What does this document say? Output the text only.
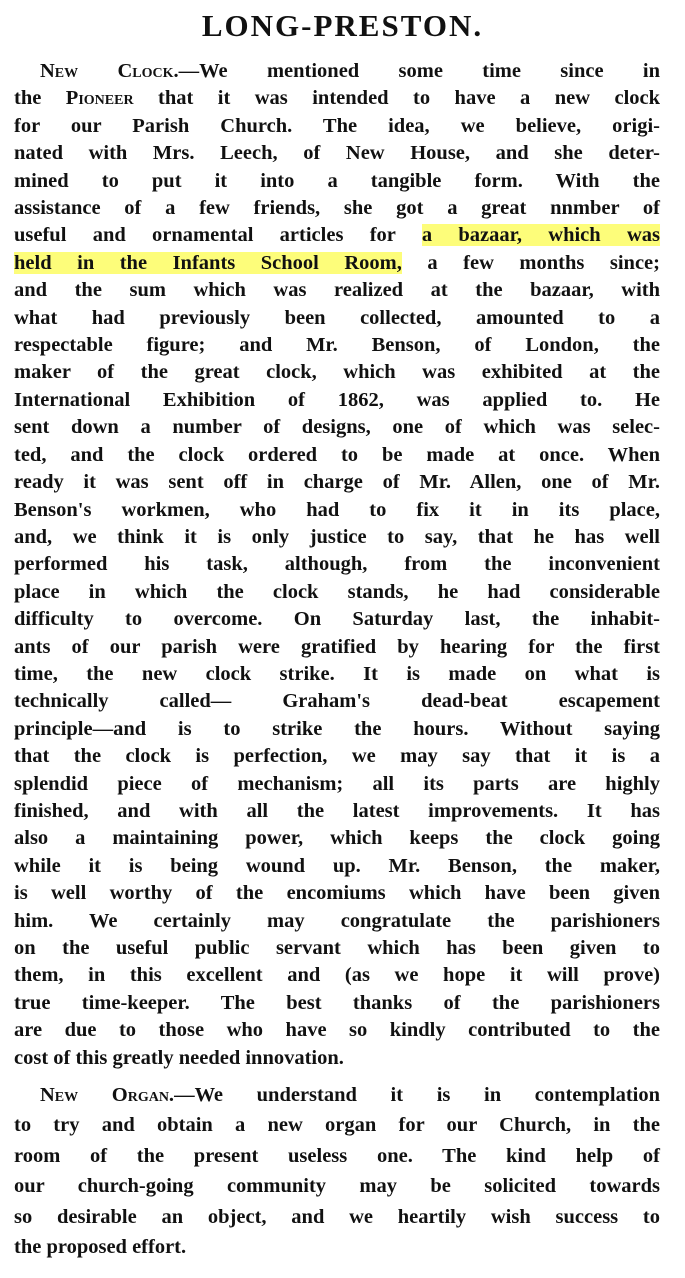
LONG-PRESTON.
New Clock.—We mentioned some time since in
the Pioneer that it was intended to have a new clock
for our Parish Church. The idea, we believe, origi-
nated with Mrs. Leech, of New House, and she deter-
mined to put it into a tangible form. With the
assistance of a few friends, she got a great nnmber of
useful and ornamental articles for a bazaar, which was
held in the Infants School Room, a few months since;
and the sum which was realized at the bazaar, with
what had previously been collected, amounted to a
respectable figure; and Mr. Benson, of London, the
maker of the great clock, which was exhibited at the
International Exhibition of 1862, was applied to. He
sent down a number of designs, one of which was selec-
ted, and the clock ordered to be made at once. When
ready it was sent off in charge of Mr. Allen, one of Mr.
Benson's workmen, who had to fix it in its place,
and, we think it is only justice to say, that he has well
performed his task, although, from the inconvenient
place in which the clock stands, he had considerable
difficulty to overcome. On Saturday last, the inhabit-
ants of our parish were gratified by hearing for the first
time, the new clock strike. It is made on what is
technically called— Graham's dead-beat escapement
principle—and is to strike the hours. Without saying
that the clock is perfection, we may say that it is a
splendid piece of mechanism; all its parts are highly
finished, and with all the latest improvements. It has
also a maintaining power, which keeps the clock going
while it is being wound up. Mr. Benson, the maker,
is well worthy of the encomiums which have been given
him. We certainly may congratulate the parishioners
on the useful public servant which has been given to
them, in this excellent and (as we hope it will prove)
true time-keeper. The best thanks of the parishioners
are due to those who have so kindly contributed to the
cost of this greatly needed innovation.
New Organ.—We understand it is in contemplation
to try and obtain a new organ for our Church, in the
room of the present useless one. The kind help of
our church-going community may be solicited towards
so desirable an object, and we heartily wish success to
the proposed effort.
